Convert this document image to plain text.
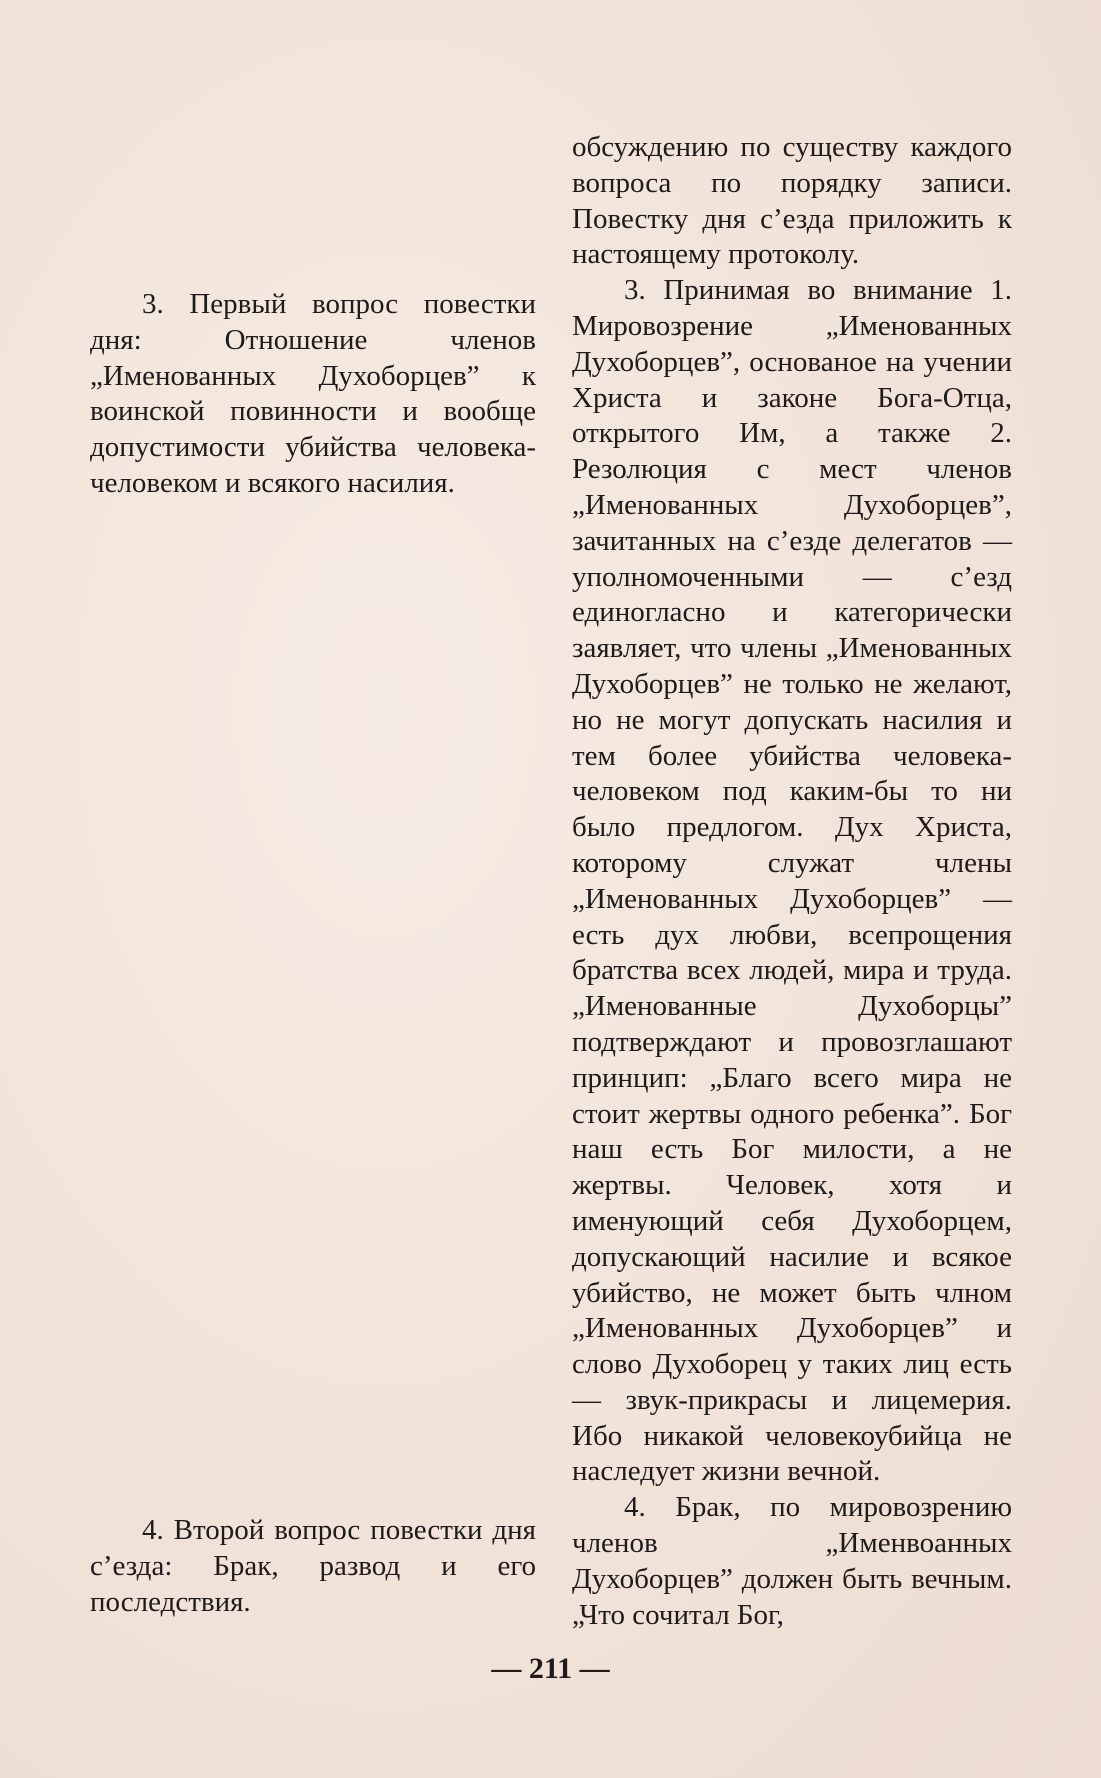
3. Первый вопрос повестки дня: Отношение членов „Именованных Духоборцев” к воинской повинности и вообще допустимости убийства человека-человеком и всякого насилия.

4. Второй вопрос повестки дня с’езда: Брак, развод и его последствия.

обсуждению по существу каждого вопроса по порядку записи. Повестку дня с’езда приложить к настоящему протоколу.

3. Принимая во внимание 1. Мировозрение „Именованных Духоборцев”, основаное на учении Христа и законе Бога-Отца, открытого Им, а также 2. Резолюция с мест членов „Именованных Духоборцев”, зачитанных на с’езде делегатов — уполномоченными — с’езд единогласно и категорически заявляет, что члены „Именованных Духоборцев” не только не желают, но не могут допускать насилия и тем более убийства человека-человеком под каким-бы то ни было предлогом. Дух Христа, которому служат члены „Именованных Духоборцев” — есть дух любви, всепрощения братства всех людей, мира и труда. „Именованные Духоборцы” подтверждают и провозглашают принцип: „Благо всего мира не стоит жертвы одного ребенка”. Бог наш есть Бог милости, а не жертвы. Человек, хотя и именующий себя Духоборцем, допускающий насилие и всякое убийство, не может быть члном „Именованных Духоборцев” и слово Духоборец у таких лиц есть — звук-прикрасы и лицемерия. Ибо никакой человекоубийца не наследует жизни вечной.

4. Брак, по мировозрению членов „Именвоанных Духоборцев” должен быть вечным. „Что сочитал Бог,

— 211 —
